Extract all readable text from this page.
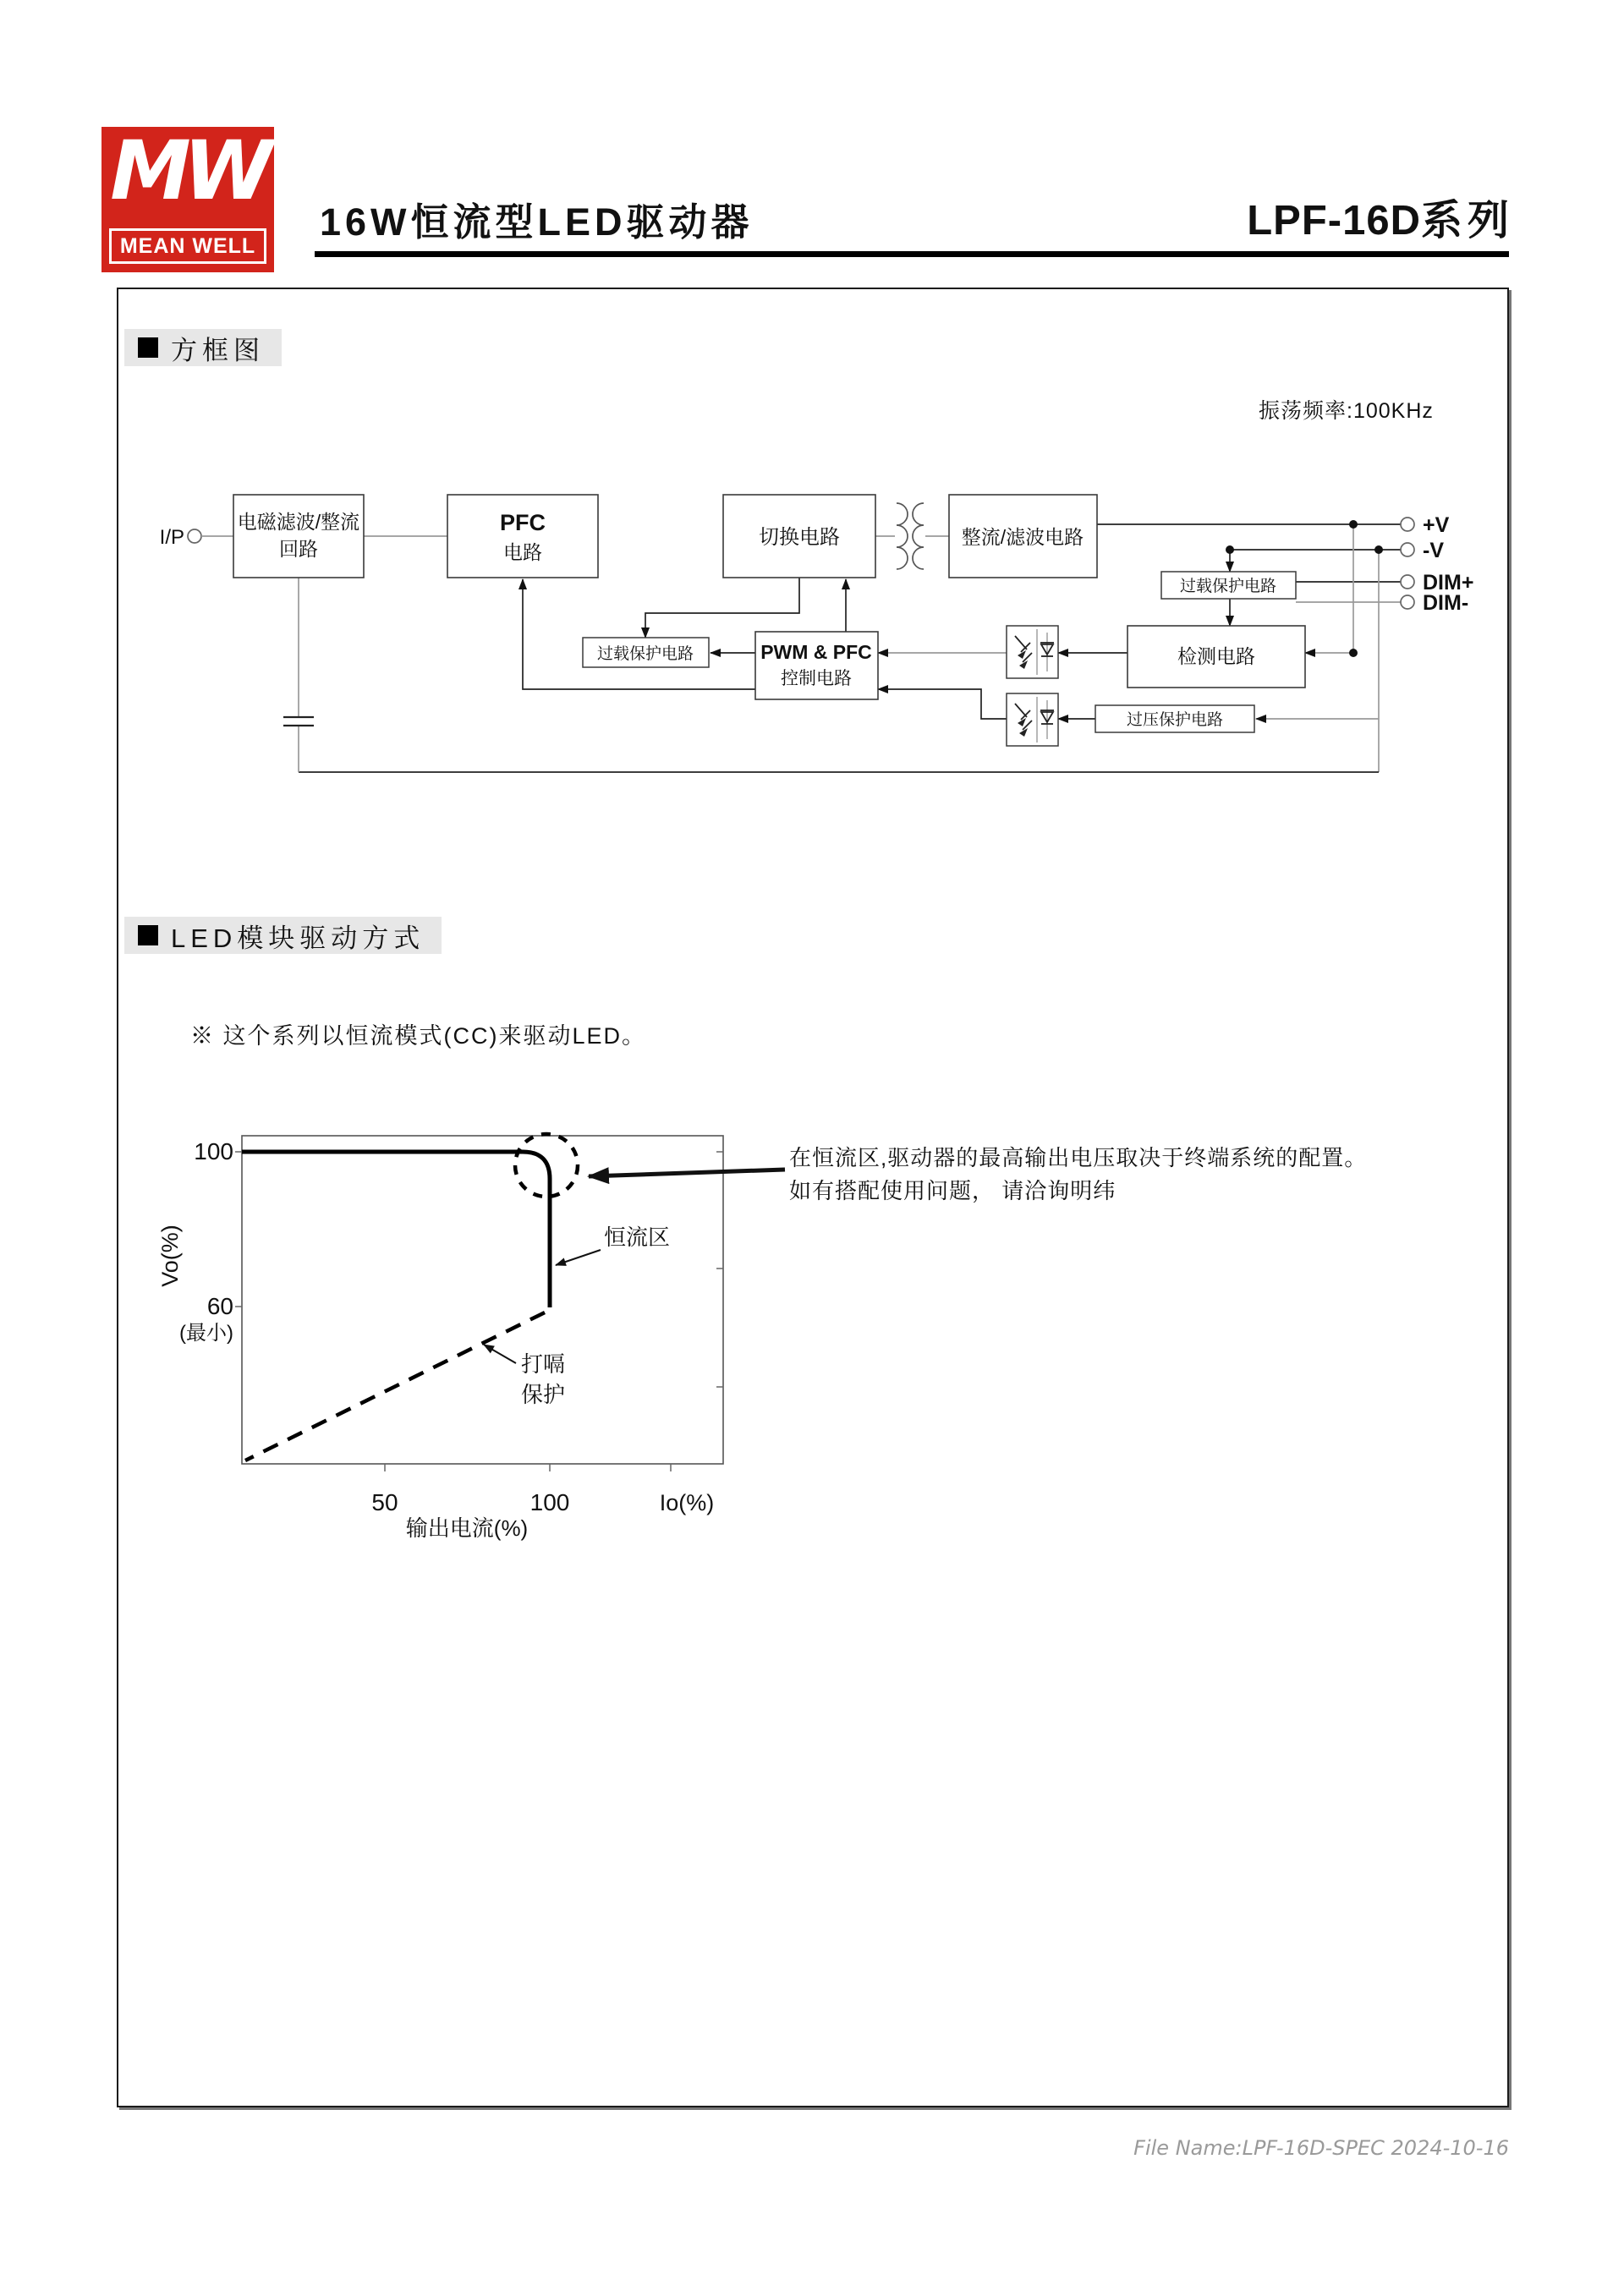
MW
MEAN WELL
16W恒流型LED驱动器	LPF-16D系列
方框图
振荡频率:100KHz
I/P
电磁滤波/整流
回路
PFC
电路
切换电路	整流/滤波电路
过载保护电路	PWM & PFC
控制电路
过载保护电路
检测电路
过压保护电路
+V
-V
DIM+
DIM-
LED模块驱动方式
※ 这个系列以恒流模式(CC)来驱动LED。
100
60
(最小)
Vo(%)
50	100	Io(%)
输出电流(%)
恒流区
打嗝
保护
在恒流区,驱动器的最高输出电压取决于终端系统的配置。
如有搭配使用问题， 请洽询明纬
File Name:LPF-16D-SPEC 2024-10-16
